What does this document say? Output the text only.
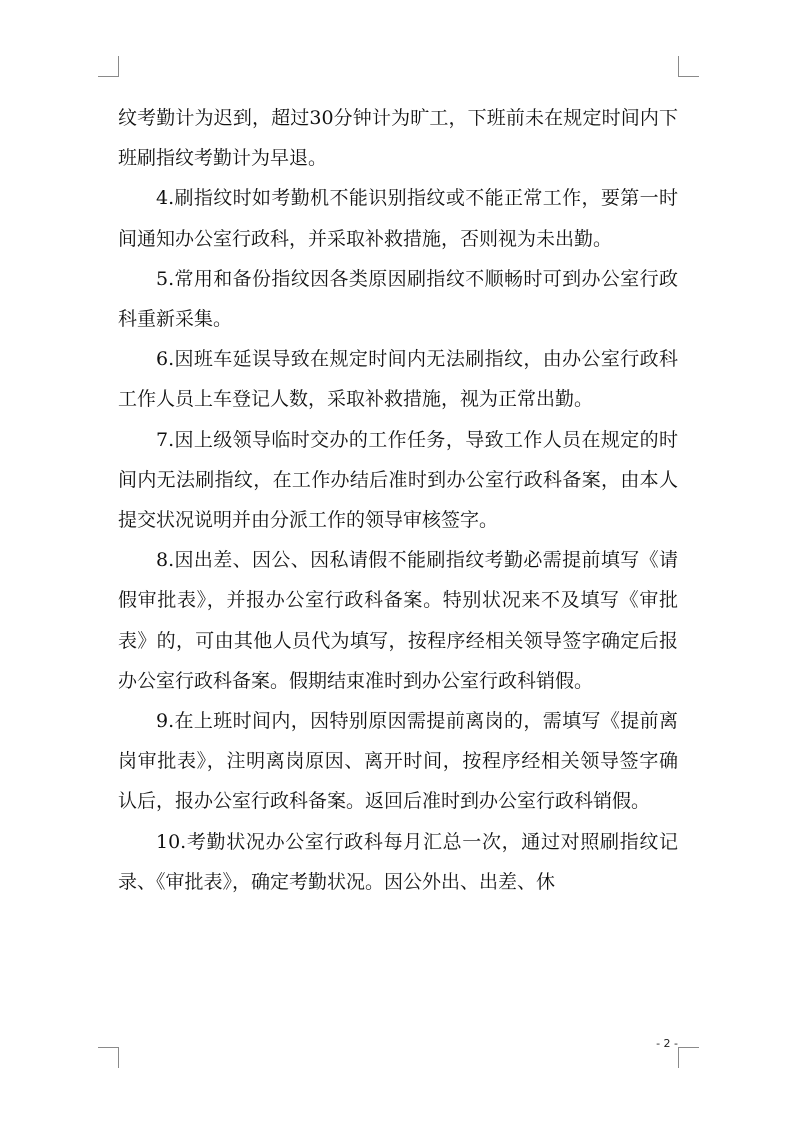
纹考勤计为迟到，超过30分钟计为旷工，下班前未在规定时间内下班刷指纹考勤计为早退。

4.刷指纹时如考勤机不能识别指纹或不能正常工作，要第一时间通知办公室行政科，并采取补救措施，否则视为未出勤。

5.常用和备份指纹因各类原因刷指纹不顺畅时可到办公室行政科重新采集。

6.因班车延误导致在规定时间内无法刷指纹，由办公室行政科工作人员上车登记人数，采取补救措施，视为正常出勤。

7.因上级领导临时交办的工作任务，导致工作人员在规定的时间内无法刷指纹，在工作办结后准时到办公室行政科备案，由本人提交状况说明并由分派工作的领导审核签字。

8.因出差、因公、因私请假不能刷指纹考勤必需提前填写《请假审批表》，并报办公室行政科备案。特别状况来不及填写《审批表》的，可由其他人员代为填写，按程序经相关领导签字确定后报办公室行政科备案。假期结束准时到办公室行政科销假。

9.在上班时间内，因特别原因需提前离岗的，需填写《提前离岗审批表》，注明离岗原因、离开时间，按程序经相关领导签字确认后，报办公室行政科备案。返回后准时到办公室行政科销假。

10.考勤状况办公室行政科每月汇总一次，通过对照刷指纹记录、《审批表》，确定考勤状况。因公外出、出差、休

- 2 -
